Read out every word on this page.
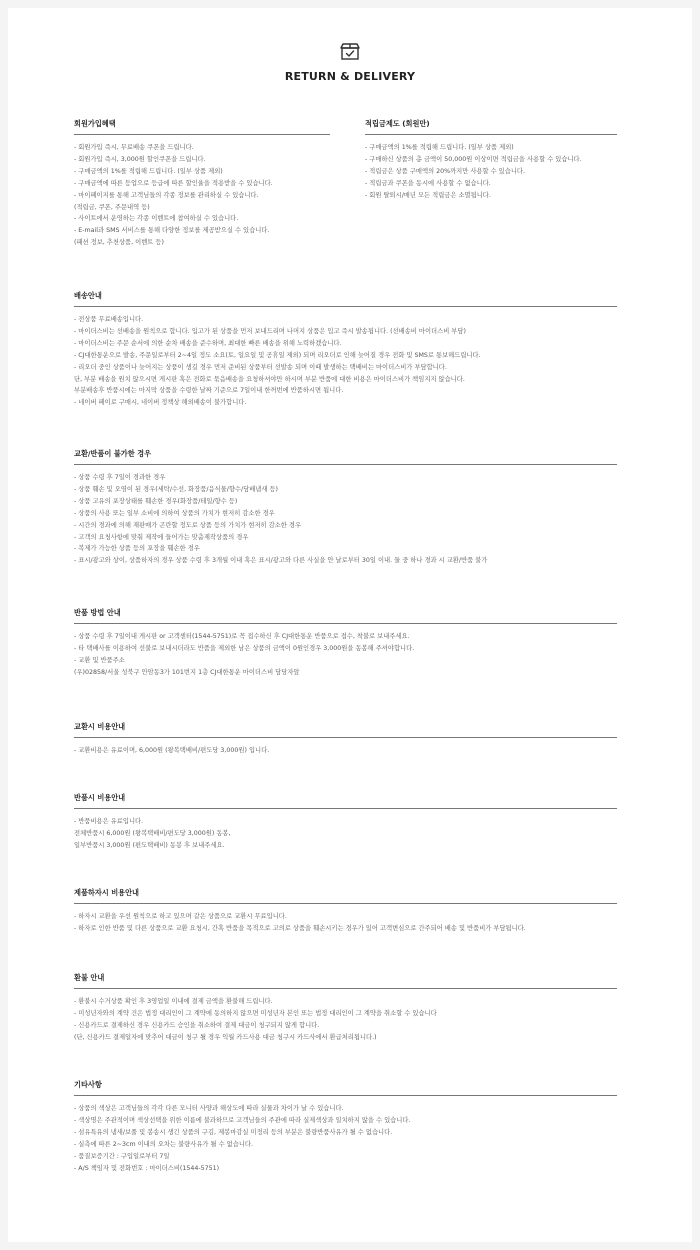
RETURN & DELIVERY
회원가입혜택
- 회원가입 즉시, 무료배송 쿠폰을 드립니다.
- 회원가입 즉시, 3,000원 할인쿠폰을 드립니다.
- 구매금액의 1%를 적립해 드립니다. (일부 상품 제외)
- 구매금액에 따른 등업으로 등급에 따른 할인율을 적용받을 수 있습니다.
- 마이페이지를 통해 고객님들의 각종 정보를 관리하실 수 있습니다.
(적립금, 쿠폰, 주문내역 등)
- 사이트에서 운영하는 각종 이벤트에 참여하실 수 있습니다.
- E-mail과 SMS 서비스를 통해 다양한 정보를 제공받으실 수 있습니다.
(패션 정보, 추천상품, 이벤트 등)
적립금제도 (회원만)
- 구매금액의 1%를 적립해 드립니다. (일부 상품 제외)
- 구매하신 상품의 총 금액이 50,000원 이상이면 적립금을 사용할 수 있습니다.
- 적립금은 상품 구매액의 20%까지만 사용할 수 있습니다.
- 적립금과 쿠폰을 동시에 사용할 수 없습니다.
- 회원 탈퇴시/매년 모든 적립금은 소멸됩니다.
배송안내
- 전상품 무료배송입니다.
- 마이더스비는 선배송을 원칙으로 합니다. 입고가 된 상품을 먼저 보내드리며 나머지 상품은 입고 즉시 발송됩니다. (선배송비 마이더스비 부담)
- 마이더스비는 주문 순서에 의한 순차 배송을 준수하며, 최대한 빠른 배송을 위해 노력하겠습니다.
- CJ대한통운으로 발송, 주문일로부터 2~4일 정도 소요(토, 일요일 및 공휴일 제외) 되며 리오더로 인해 늦어질 경우 전화 및 SMS로 통보해드립니다.
- 리오더 중인 상품이나 늦어지는 상품이 생길 경우 먼저 준비된 상품부터 선발송 되며 이때 발생하는 택배비는 마이더스비가 부담합니다.
단, 부분 배송을 원치 않으시면 게시판 혹은 전화로 묶음배송을 요청하셔야만 하시며 부분 반품에 대한 비용은 마이더스비가 책임지지 않습니다.
부분배송후 반품시에는 마지막 상품을 수령한 날짜 기준으로 7일이내 한꺼번에 반품하시면 됩니다.
- 네이버 페이로 구매시, 네이버 정책상 해외배송이 불가합니다.
교환/반품이 불가한 경우
- 상품 수령 후 7일이 경과한 경우
- 상품 훼손 및 오염이 된 경우(세탁/수선, 화장품/음식물/향수/담배냄새 등)
- 상품 고유의 포장상태를 훼손한 경우(화장품/테일/향수 등)
- 상품의 사용 또는 일부 소비에 의하여 상품의 가치가 현저히 감소한 경우
- 시간의 경과에 의해 재판매가 곤란할 정도로 상품 등의 가치가 현저히 감소한 경우
- 고객의 요청사항에 맞춰 제작에 들어가는 맞춤제작상품의 경우
- 복제가 가능한 상품 등의 포장을 훼손한 경우
- 표시/광고와 상이, 상품하자의 경우 상품 수령 후 3개월 이내 혹은 표시/광고와 다른 사실을 안 날로부터 30일 이내. 둘 중 하나 경과 시 교환/반품 불가
반품 방법 안내
- 상품 수령 후 7일이내 게시판 or 고객센터(1544-5751)로 꼭 접수하신 후 CJ대한통운 반품으로 접수, 착불로 보내주세요.
- 타 택배사를 이용하여 선불로 보내시더라도 반품을 제외한 남은 상품의 금액이 0원인경우 3,000원을 동봉해 주셔야합니다.
- 교환 및 반품주소
(우)02858/서울 성북구 안암동3가 101번지 1층 CJ대한통운 마이더스비 담당자앞
교환시 비용안내
- 교환비용은 유료이며, 6,000원 (왕복택배비/편도당 3,000원) 입니다.
반품시 비용안내
- 반품비용은 유료입니다.
전체반품시 6,000원 (왕복택배비/편도당 3,000원) 동봉,
일부반품시 3,000원 (편도택배비) 동봉 후 보내주세요.
제품하자시 비용안내
- 하자시 교환을 우선 원칙으로 하고 있으며 같은 상품으로 교환시 무료입니다.
- 하자로 인한 반품 및 다른 상품으로 교환 요청시, 간혹 반품을 목적으로 고의로 상품을 훼손시키는 경우가 있어 고객변심으로 간주되어 배송 및 반품비가 부담됩니다.
환불 안내
- 환불시 수거상품 확인 후 3영업일 이내에 결제 금액을 환불해 드립니다.
- 미성년자와의 계약 건은 법정 대리인이 그 계약에 동의하지 않으면 미성년자 본인 또는 법정 대리인이 그 계약을 취소할 수 있습니다
- 신용카드로 결제하신 경우 신용카드 승인을 취소하여 결제 대금이 청구되지 않게 합니다.
(단, 신용카드 결제일자에 맞추어 대금이 청구 될 경우 익월 카드사용 대금 청구시 카드사에서 환급처리됩니다.)
기타사항
- 상품의 색상은 고객님들의 각각 다른 모니터 사양과 해상도에 따라 실물과 차이가 날 수 있습니다.
- 색상명은 주관적이며 색상선택을 위한 이름에 불과하므로 고객님들의 주관에 따라 실제색상과 일치하지 않을 수 있습니다.
- 섬유특유의 냄새/보풀 및 봉송시 생긴 상품의 구김, 제봉마감실 미정리 등의 부분은 불량반품사유가 될 수 없습니다.
- 실측에 따른 2~3cm 이내의 오차는 불량사유가 될 수 없습니다.
- 품질보증기간 : 구입일로부터 7일
- A/S 책임자 및 전화번호 : 마이더스비(1544-5751)
